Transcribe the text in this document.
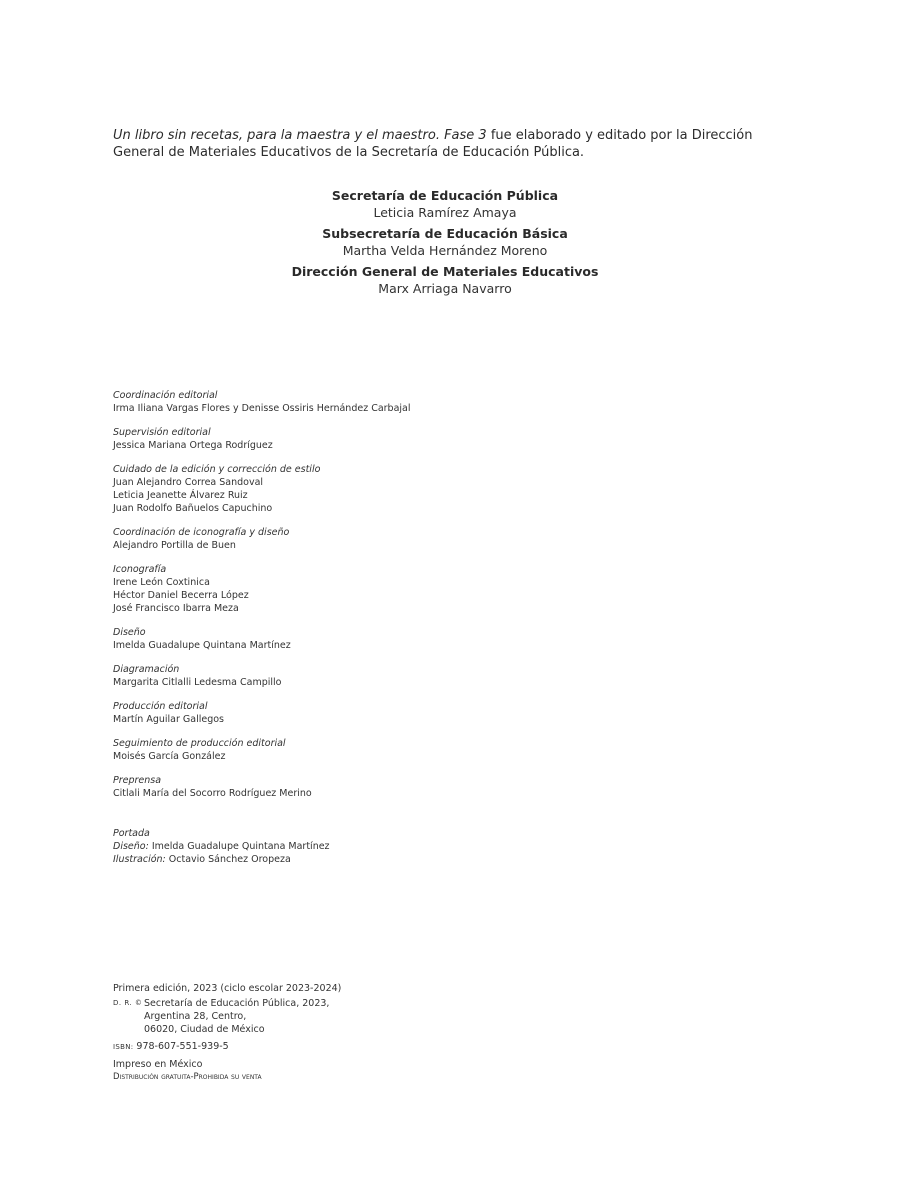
Un libro sin recetas, para la maestra y el maestro. Fase 3 fue elaborado y editado por la Dirección General de Materiales Educativos de la Secretaría de Educación Pública.
Secretaría de Educación Pública
Leticia Ramírez Amaya
Subsecretaría de Educación Básica
Martha Velda Hernández Moreno
Dirección General de Materiales Educativos
Marx Arriaga Navarro
Coordinación editorial
Irma Iliana Vargas Flores y Denisse Ossiris Hernández Carbajal
Supervisión editorial
Jessica Mariana Ortega Rodríguez
Cuidado de la edición y corrección de estilo
Juan Alejandro Correa Sandoval
Leticia Jeanette Álvarez Ruiz
Juan Rodolfo Bañuelos Capuchino
Coordinación de iconografía y diseño
Alejandro Portilla de Buen
Iconografía
Irene León Coxtinica
Héctor Daniel Becerra López
José Francisco Ibarra Meza
Diseño
Imelda Guadalupe Quintana Martínez
Diagramación
Margarita Citlalli Ledesma Campillo
Producción editorial
Martín Aguilar Gallegos
Seguimiento de producción editorial
Moisés García González
Preprensa
Citlali María del Socorro Rodríguez Merino
Portada
Diseño: Imelda Guadalupe Quintana Martínez
Ilustración: Octavio Sánchez Oropeza
Primera edición, 2023 (ciclo escolar 2023-2024)
D. R. © Secretaría de Educación Pública, 2023,
Argentina 28, Centro,
06020, Ciudad de México
ISBN: 978-607-551-939-5
Impreso en México
Distribución gratuita-Prohibida su venta
